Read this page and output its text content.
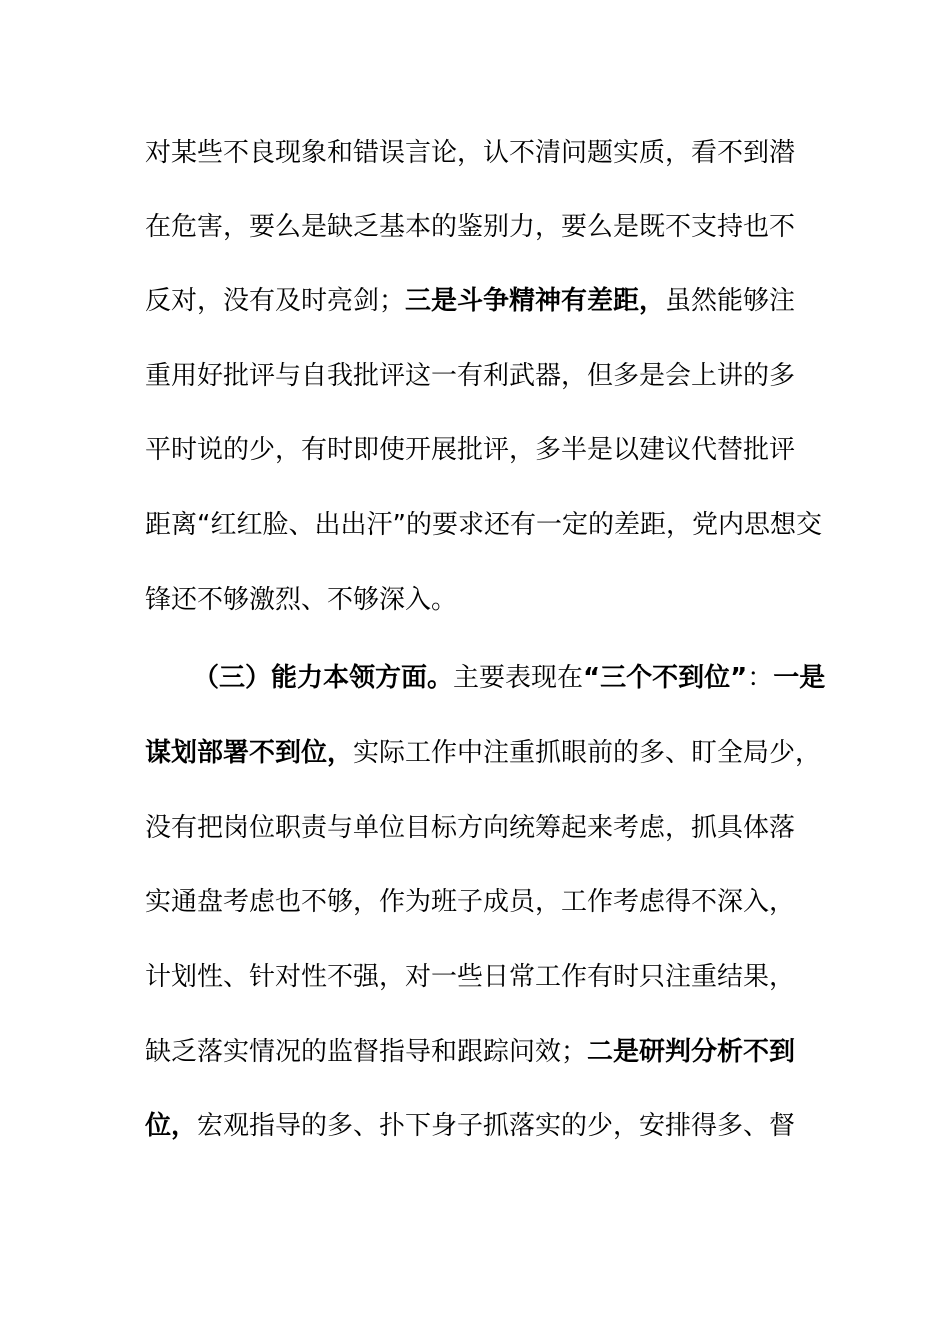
对某些不良现象和错误言论，认不清问题实质，看不到潜
在危害，要么是缺乏基本的鉴别力，要么是既不支持也不
反对，没有及时亮剑；三是斗争精神有差距，虽然能够注
重用好批评与自我批评这一有利武器，但多是会上讲的多
平时说的少，有时即使开展批评，多半是以建议代替批评
距离“红红脸、出出汗”的要求还有一定的差距，党内思想交
锋还不够激烈、不够深入。
（三）能力本领方面。主要表现在“三个不到位”：一是
谋划部署不到位，实际工作中注重抓眼前的多、盯全局少，
没有把岗位职责与单位目标方向统筹起来考虑，抓具体落
实通盘考虑也不够，作为班子成员，工作考虑得不深入，
计划性、针对性不强，对一些日常工作有时只注重结果，
缺乏落实情况的监督指导和跟踪问效；二是研判分析不到
位，宏观指导的多、扑下身子抓落实的少，安排得多、督
